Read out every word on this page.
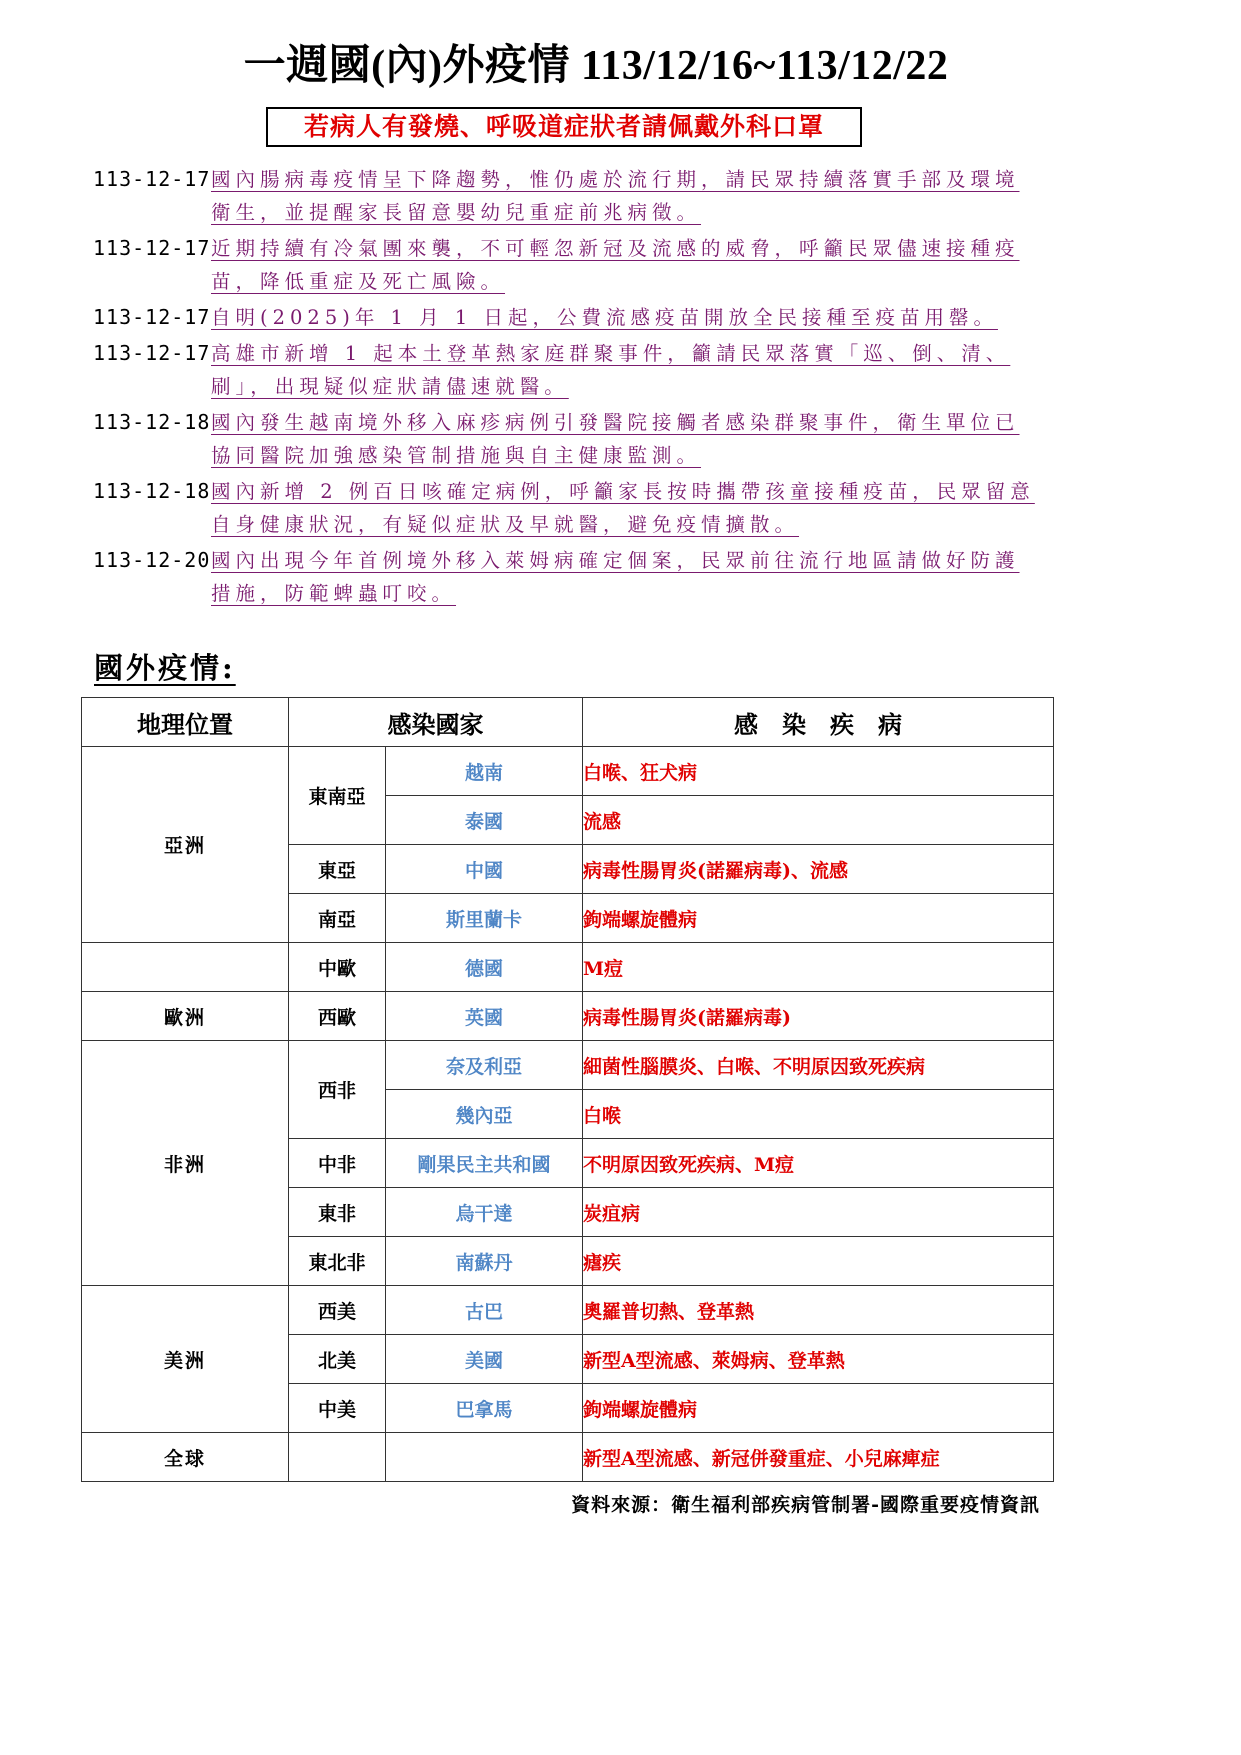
一週國(內)外疫情 113/12/16~113/12/22
若病人有發燒、呼吸道症狀者請佩戴外科口罩
113-12-17 國內腸病毒疫情呈下降趨勢，惟仍處於流行期，請民眾持續落實手部及環境衛生，並提醒家長留意嬰幼兒重症前兆病徵。
113-12-17 近期持續有冷氣團來襲，不可輕忽新冠及流感的威脅，呼籲民眾儘速接種疫苗，降低重症及死亡風險。
113-12-17 自明(2025)年 1 月 1 日起，公費流感疫苗開放全民接種至疫苗用罄。
113-12-17 高雄市新增 1 起本土登革熱家庭群聚事件，籲請民眾落實「巡、倒、清、刷」，出現疑似症狀請儘速就醫。
113-12-18 國內發生越南境外移入麻疹病例引發醫院接觸者感染群聚事件，衛生單位已協同醫院加強感染管制措施與自主健康監測。
113-12-18 國內新增 2 例百日咳確定病例，呼籲家長按時攜帶孩童接種疫苗，民眾留意自身健康狀況，有疑似症狀及早就醫，避免疫情擴散。
113-12-20 國內出現今年首例境外移入萊姆病確定個案，民眾前往流行地區請做好防護措施，防範蜱蟲叮咬。
國外疫情:
地理位置	感染國家		感　染　疾　病
亞洲	東南亞	越南	白喉、狂犬病
		泰國	流感
	東亞	中國	病毒性腸胃炎(諾羅病毒)、流感
	南亞	斯里蘭卡	鉤端螺旋體病
	中歐	德國	M痘
歐洲	西歐	英國	病毒性腸胃炎(諾羅病毒)
非洲	西非	奈及利亞	細菌性腦膜炎、白喉、不明原因致死疾病
		幾內亞	白喉
	中非	剛果民主共和國	不明原因致死疾病、M痘
	東非	烏干達	炭疽病
	東北非	南蘇丹	瘧疾
美洲	西美	古巴	奧羅普切熱、登革熱
	北美	美國	新型A型流感、萊姆病、登革熱
	中美	巴拿馬	鉤端螺旋體病
全球			新型A型流感、新冠併發重症、小兒麻痺症
資料來源：衛生福利部疾病管制署-國際重要疫情資訊
